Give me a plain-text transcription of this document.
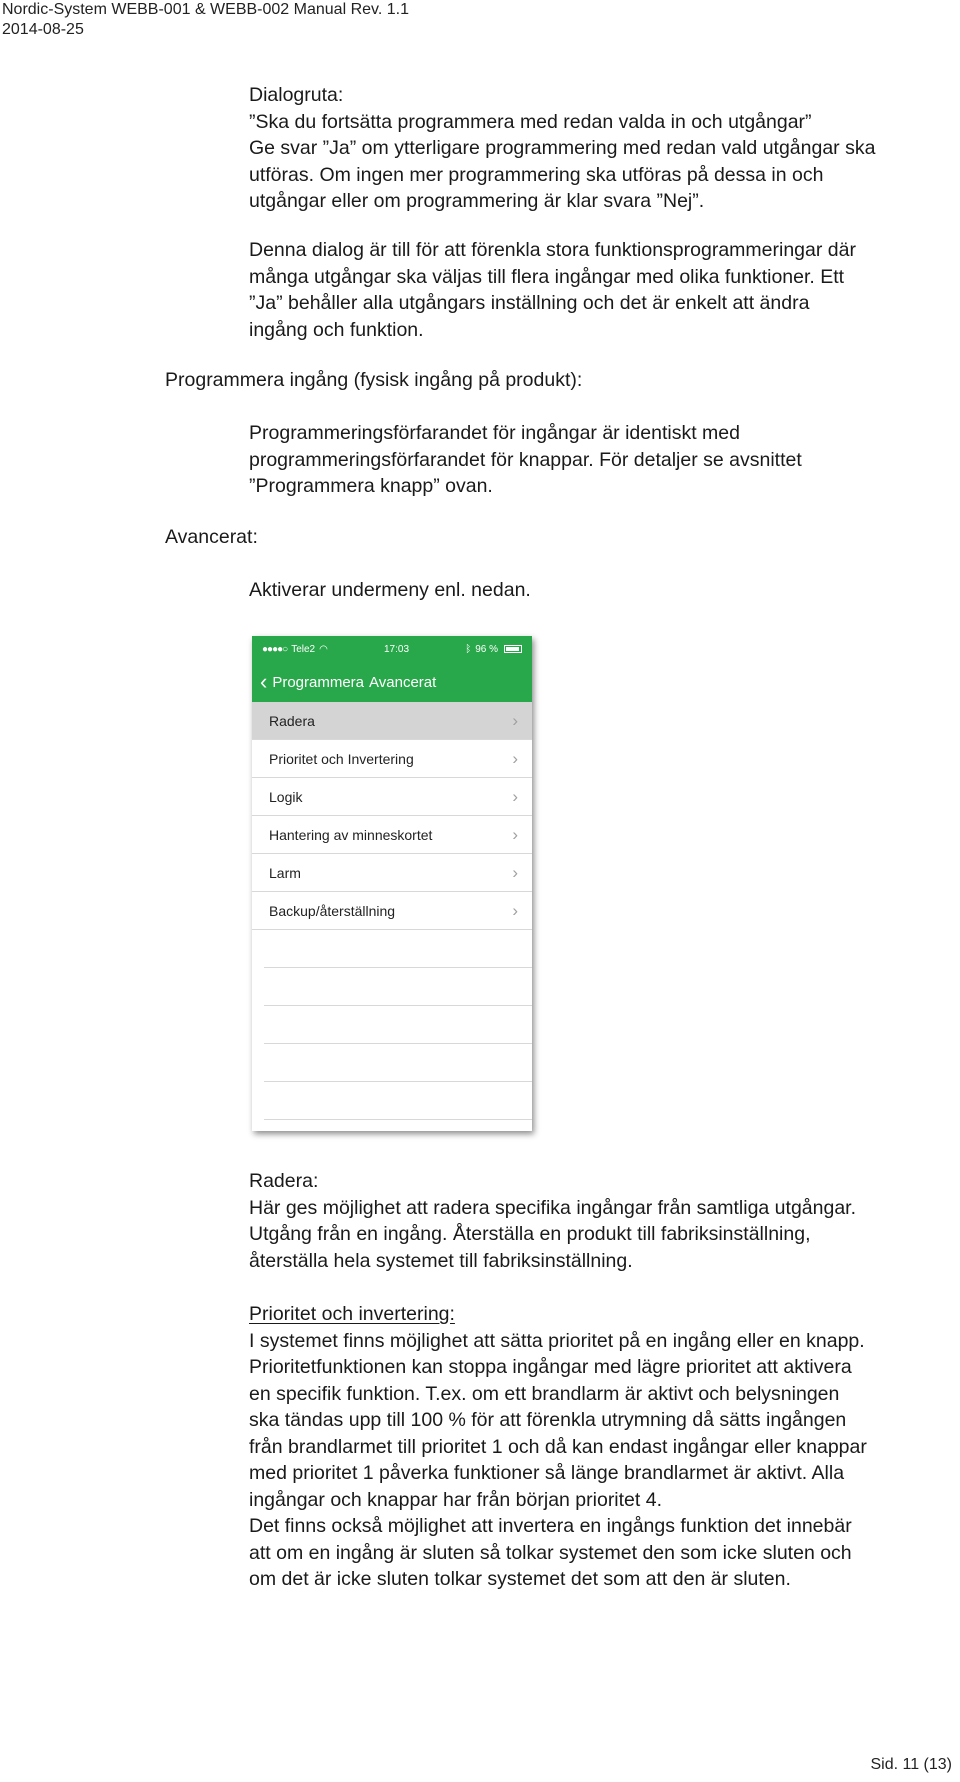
Nordic-System WEBB-001 & WEBB-002 Manual Rev. 1.1
2014-08-25
Dialogruta:
”Ska du fortsätta programmera med redan valda in och utgångar”
Ge svar ”Ja” om ytterligare programmering med redan vald utgångar ska
utföras. Om ingen mer programmering ska utföras på dessa in och
utgångar eller om programmering är klar svara ”Nej”.
Denna dialog är till för att förenkla stora funktionsprogrammeringar där
många utgångar ska väljas till flera ingångar med olika funktioner. Ett
”Ja” behåller alla utgångars inställning och det är enkelt att ändra
ingång och funktion.
Programmera ingång (fysisk ingång på produkt):
Programmeringsförfarandet för ingångar är identiskt med
programmeringsförfarandet för knappar. För detaljer se avsnittet
”Programmera knapp” ovan.
Avancerat:
Aktiverar undermeny enl. nedan.
●●●●○ Tele2 ◠	17:03	ᛒ 96 %
‹ Programmera Avancerat
Radera	›
Prioritet och Invertering	›
Logik	›
Hantering av minneskortet	›
Larm	›
Backup/återställning	›
Radera:
Här ges möjlighet att radera specifika ingångar från samtliga utgångar.
Utgång från en ingång. Återställa en produkt till fabriksinställning,
återställa hela systemet till fabriksinställning.
Prioritet och invertering:
I systemet finns möjlighet att sätta prioritet på en ingång eller en knapp.
Prioritetfunktionen kan stoppa ingångar med lägre prioritet att aktivera
en specifik funktion. T.ex. om ett brandlarm är aktivt och belysningen
ska tändas upp till 100 % för att förenkla utrymning då sätts ingången
från brandlarmet till prioritet 1 och då kan endast ingångar eller knappar
med prioritet 1 påverka funktioner så länge brandlarmet är aktivt. Alla
ingångar och knappar har från början prioritet 4.
Det finns också möjlighet att invertera en ingångs funktion det innebär
att om en ingång är sluten så tolkar systemet den som icke sluten och
om det är icke sluten tolkar systemet det som att den är sluten.
Sid. 11 (13)
